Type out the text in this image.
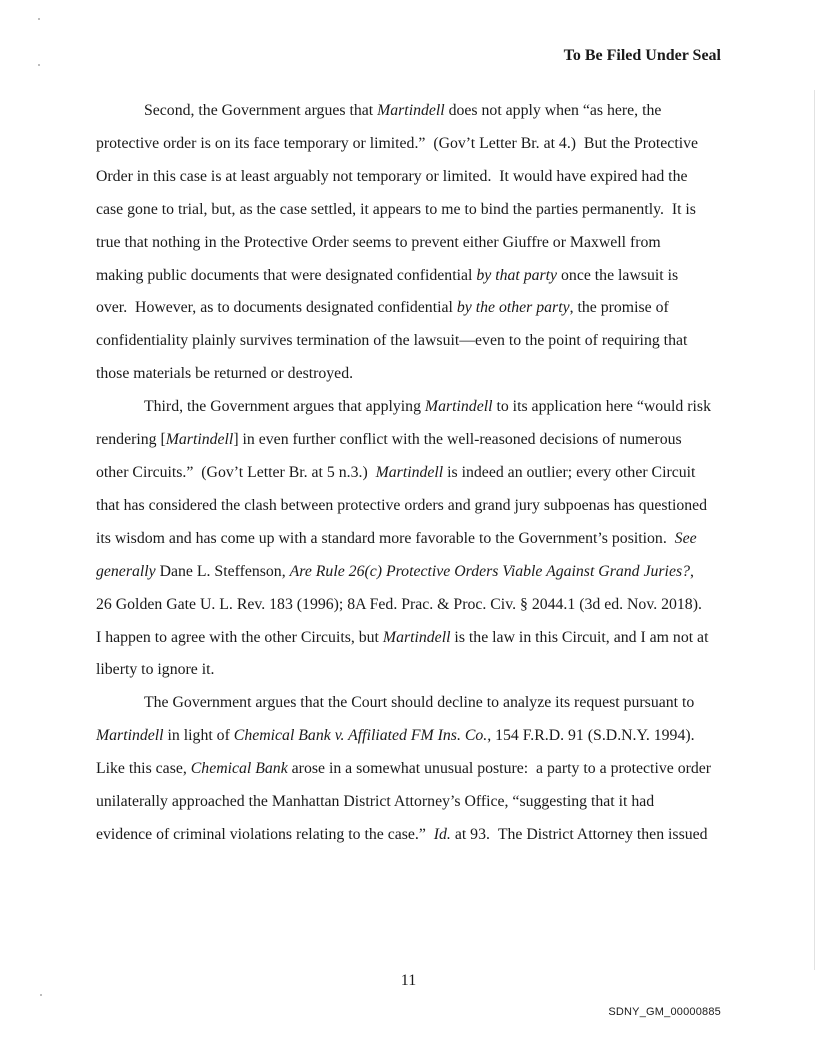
To Be Filed Under Seal

Second, the Government argues that Martindell does not apply when “as here, the
protective order is on its face temporary or limited.”  (Gov’t Letter Br. at 4.)  But the Protective
Order in this case is at least arguably not temporary or limited.  It would have expired had the
case gone to trial, but, as the case settled, it appears to me to bind the parties permanently.  It is
true that nothing in the Protective Order seems to prevent either Giuffre or Maxwell from
making public documents that were designated confidential by that party once the lawsuit is
over.  However, as to documents designated confidential by the other party, the promise of
confidentiality plainly survives termination of the lawsuit—even to the point of requiring that
those materials be returned or destroyed.

Third, the Government argues that applying Martindell to its application here “would risk
rendering [Martindell] in even further conflict with the well-reasoned decisions of numerous
other Circuits.”  (Gov’t Letter Br. at 5 n.3.)  Martindell is indeed an outlier; every other Circuit
that has considered the clash between protective orders and grand jury subpoenas has questioned
its wisdom and has come up with a standard more favorable to the Government’s position.  See
generally Dane L. Steffenson, Are Rule 26(c) Protective Orders Viable Against Grand Juries?,
26 Golden Gate U. L. Rev. 183 (1996); 8A Fed. Prac. & Proc. Civ. § 2044.1 (3d ed. Nov. 2018).
I happen to agree with the other Circuits, but Martindell is the law in this Circuit, and I am not at
liberty to ignore it.

The Government argues that the Court should decline to analyze its request pursuant to
Martindell in light of Chemical Bank v. Affiliated FM Ins. Co., 154 F.R.D. 91 (S.D.N.Y. 1994).
Like this case, Chemical Bank arose in a somewhat unusual posture:  a party to a protective order
unilaterally approached the Manhattan District Attorney’s Office, “suggesting that it had
evidence of criminal violations relating to the case.”  Id. at 93.  The District Attorney then issued

11
SDNY_GM_00000885
